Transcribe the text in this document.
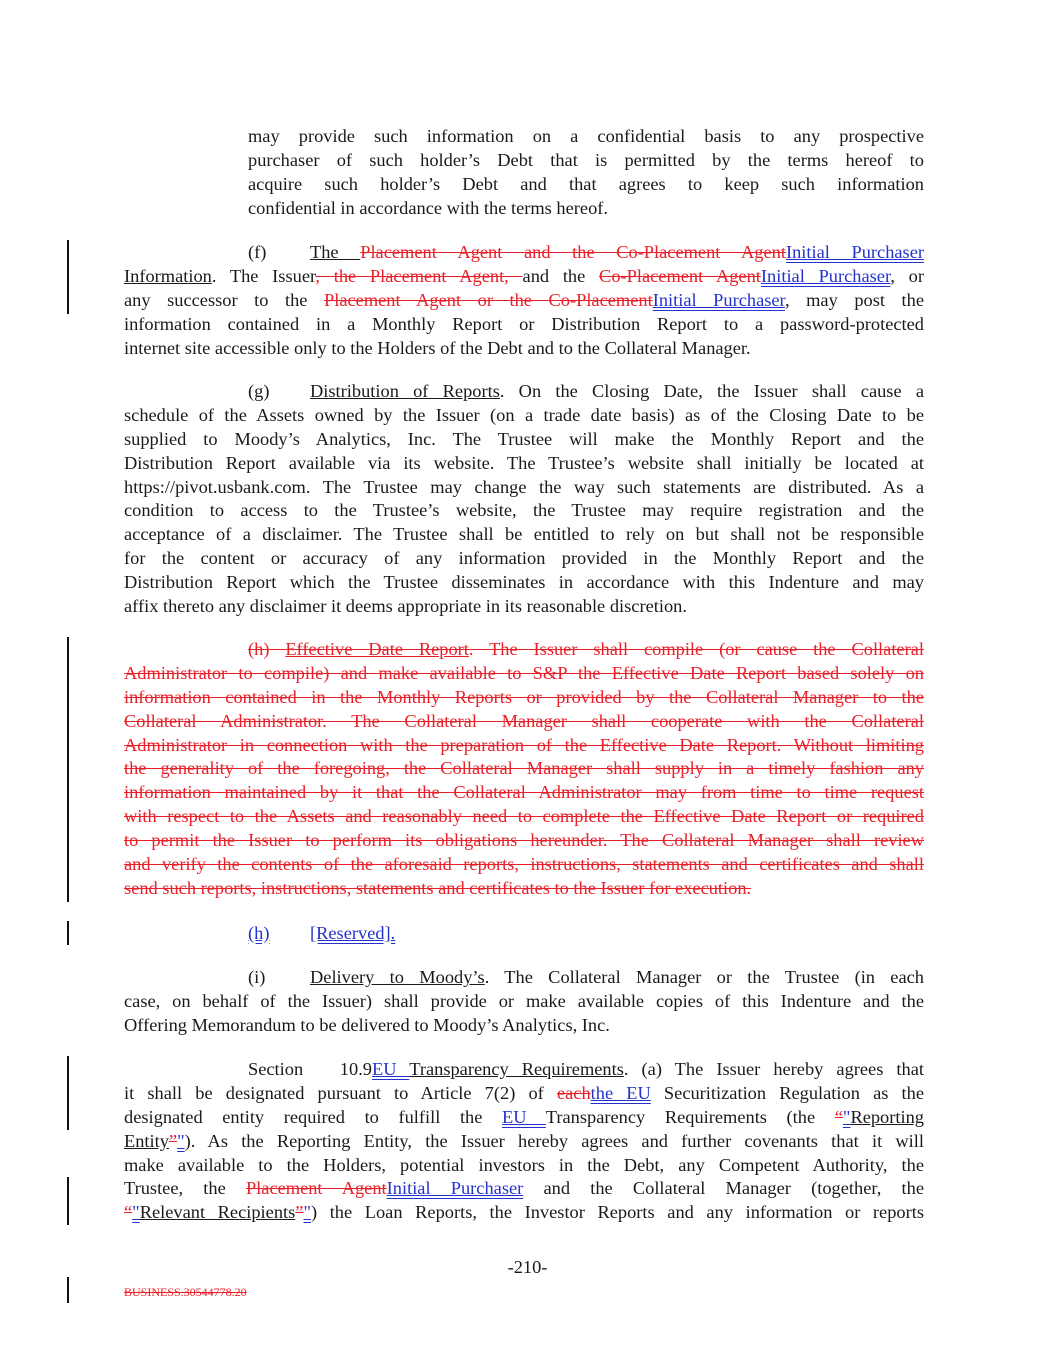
may provide such information on a confidential basis to any prospective
purchaser of such holder’s Debt that is permitted by the terms hereof to
acquire such holder’s Debt and that agrees to keep such information
confidential in accordance with the terms hereof.
(f) The Placement Agent and the Co-Placement AgentInitial Purchaser
Information. The Issuer, the Placement Agent, and the Co-Placement AgentInitial Purchaser, or
any successor to the Placement Agent or the Co-PlacementInitial Purchaser, may post the
information contained in a Monthly Report or Distribution Report to a password-protected
internet site accessible only to the Holders of the Debt and to the Collateral Manager.
(g) Distribution of Reports. On the Closing Date, the Issuer shall cause a
schedule of the Assets owned by the Issuer (on a trade date basis) as of the Closing Date to be
supplied to Moody’s Analytics, Inc. The Trustee will make the Monthly Report and the
Distribution Report available via its website. The Trustee’s website shall initially be located at
https://pivot.usbank.com. The Trustee may change the way such statements are distributed. As a
condition to access to the Trustee’s website, the Trustee may require registration and the
acceptance of a disclaimer. The Trustee shall be entitled to rely on but shall not be responsible
for the content or accuracy of any information provided in the Monthly Report and the
Distribution Report which the Trustee disseminates in accordance with this Indenture and may
affix thereto any disclaimer it deems appropriate in its reasonable discretion.
(h) Effective Date Report. The Issuer shall compile (or cause the Collateral
Administrator to compile) and make available to S&P the Effective Date Report based solely on
information contained in the Monthly Reports or provided by the Collateral Manager to the
Collateral Administrator. The Collateral Manager shall cooperate with the Collateral
Administrator in connection with the preparation of the Effective Date Report. Without limiting
the generality of the foregoing, the Collateral Manager shall supply in a timely fashion any
information maintained by it that the Collateral Administrator may from time to time request
with respect to the Assets and reasonably need to complete the Effective Date Report or required
to permit the Issuer to perform its obligations hereunder. The Collateral Manager shall review
and verify the contents of the aforesaid reports, instructions, statements and certificates and shall
send such reports, instructions, statements and certificates to the Issuer for execution.
(h) [Reserved].
(i) Delivery to Moody’s. The Collateral Manager or the Trustee (in each
case, on behalf of the Issuer) shall provide or make available copies of this Indenture and the
Offering Memorandum to be delivered to Moody’s Analytics, Inc.
Section 10.9EU Transparency Requirements. (a) The Issuer hereby agrees that
it shall be designated pursuant to Article 7(2) of eachthe EU Securitization Regulation as the
designated entity required to fulfill the EU Transparency Requirements (the “"Reporting
Entity”"). As the Reporting Entity, the Issuer hereby agrees and further covenants that it will
make available to the Holders, potential investors in the Debt, any Competent Authority, the
Trustee, the Placement AgentInitial Purchaser and the Collateral Manager (together, the
“"Relevant Recipients”") the Loan Reports, the Investor Reports and any information or reports
-210-
BUSINESS.30544778.20
